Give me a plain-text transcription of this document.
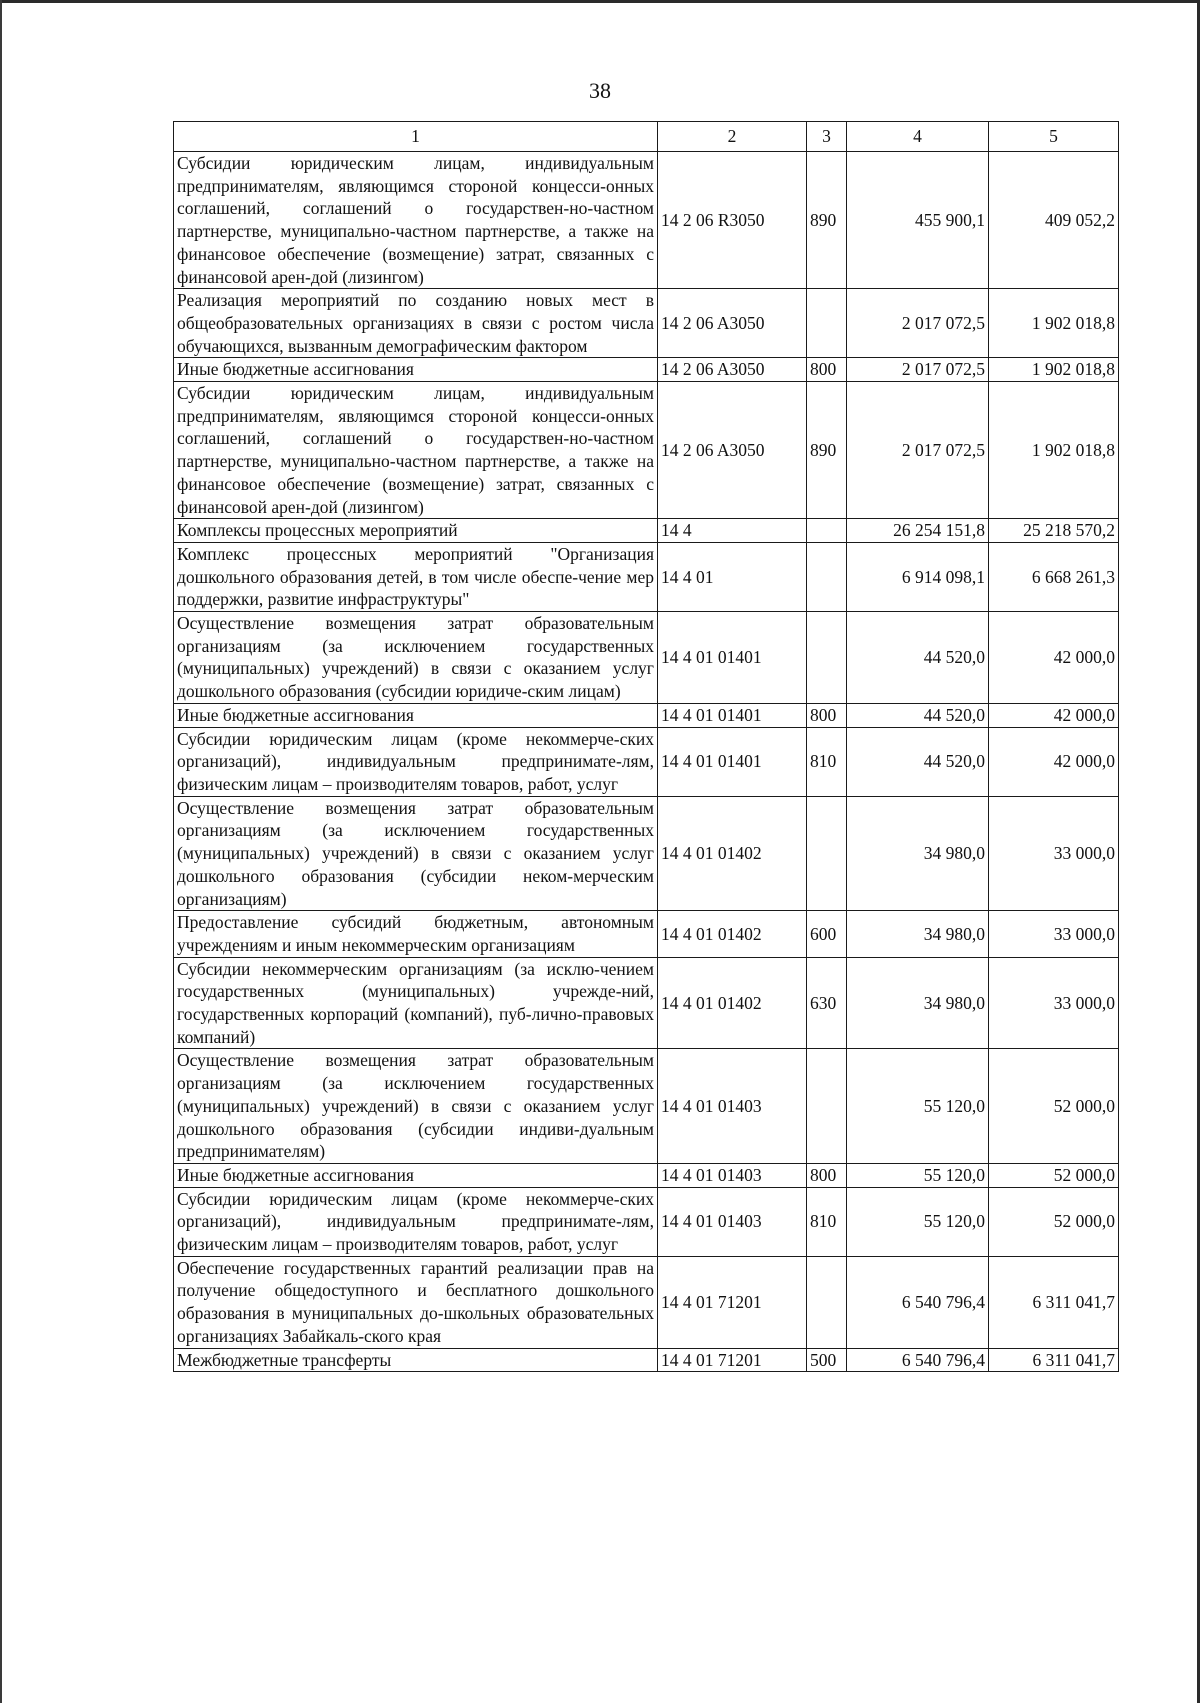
38
1	2	3	4	5
Субсидии юридическим лицам, индивидуальным предпринимателям, являющимся стороной концесси-онных соглашений, соглашений о государствен-но-частном партнерстве, муниципально-частном партнерстве, а также на финансовое обеспечение (возмещение) затрат, связанных с финансовой арен-дой (лизингом)	14 2 06 R3050	890	455 900,1	409 052,2
Реализация мероприятий по созданию новых мест в общеобразовательных организациях в связи с ростом числа обучающихся, вызванным демографическим фактором	14 2 06 A3050		2 017 072,5	1 902 018,8
Иные бюджетные ассигнования	14 2 06 A3050	800	2 017 072,5	1 902 018,8
Субсидии юридическим лицам, индивидуальным предпринимателям, являющимся стороной концесси-онных соглашений, соглашений о государствен-но-частном партнерстве, муниципально-частном партнерстве, а также на финансовое обеспечение (возмещение) затрат, связанных с финансовой арен-дой (лизингом)	14 2 06 A3050	890	2 017 072,5	1 902 018,8
Комплексы процессных мероприятий	14 4		26 254 151,8	25 218 570,2
Комплекс процессных мероприятий "Организация дошкольного образования детей, в том числе обеспе-чение мер поддержки, развитие инфраструктуры"	14 4 01		6 914 098,1	6 668 261,3
Осуществление возмещения затрат образовательным организациям (за исключением государственных (муниципальных) учреждений) в связи с оказанием услуг дошкольного образования (субсидии юридиче-ским лицам)	14 4 01 01401		44 520,0	42 000,0
Иные бюджетные ассигнования	14 4 01 01401	800	44 520,0	42 000,0
Субсидии юридическим лицам (кроме некоммерче-ских организаций), индивидуальным предпринимате-лям, физическим лицам – производителям товаров, работ, услуг	14 4 01 01401	810	44 520,0	42 000,0
Осуществление возмещения затрат образовательным организациям (за исключением государственных (муниципальных) учреждений) в связи с оказанием услуг дошкольного образования (субсидии неком-мерческим организациям)	14 4 01 01402		34 980,0	33 000,0
Предоставление субсидий бюджетным, автономным учреждениям и иным некоммерческим организациям	14 4 01 01402	600	34 980,0	33 000,0
Субсидии некоммерческим организациям (за исклю-чением государственных (муниципальных) учрежде-ний, государственных корпораций (компаний), пуб-лично-правовых компаний)	14 4 01 01402	630	34 980,0	33 000,0
Осуществление возмещения затрат образовательным организациям (за исключением государственных (муниципальных) учреждений) в связи с оказанием услуг дошкольного образования (субсидии индиви-дуальным предпринимателям)	14 4 01 01403		55 120,0	52 000,0
Иные бюджетные ассигнования	14 4 01 01403	800	55 120,0	52 000,0
Субсидии юридическим лицам (кроме некоммерче-ских организаций), индивидуальным предпринимате-лям, физическим лицам – производителям товаров, работ, услуг	14 4 01 01403	810	55 120,0	52 000,0
Обеспечение государственных гарантий реализации прав на получение общедоступного и бесплатного дошкольного образования в муниципальных до-школьных образовательных организациях Забайкаль-ского края	14 4 01 71201		6 540 796,4	6 311 041,7
Межбюджетные трансферты	14 4 01 71201	500	6 540 796,4	6 311 041,7
